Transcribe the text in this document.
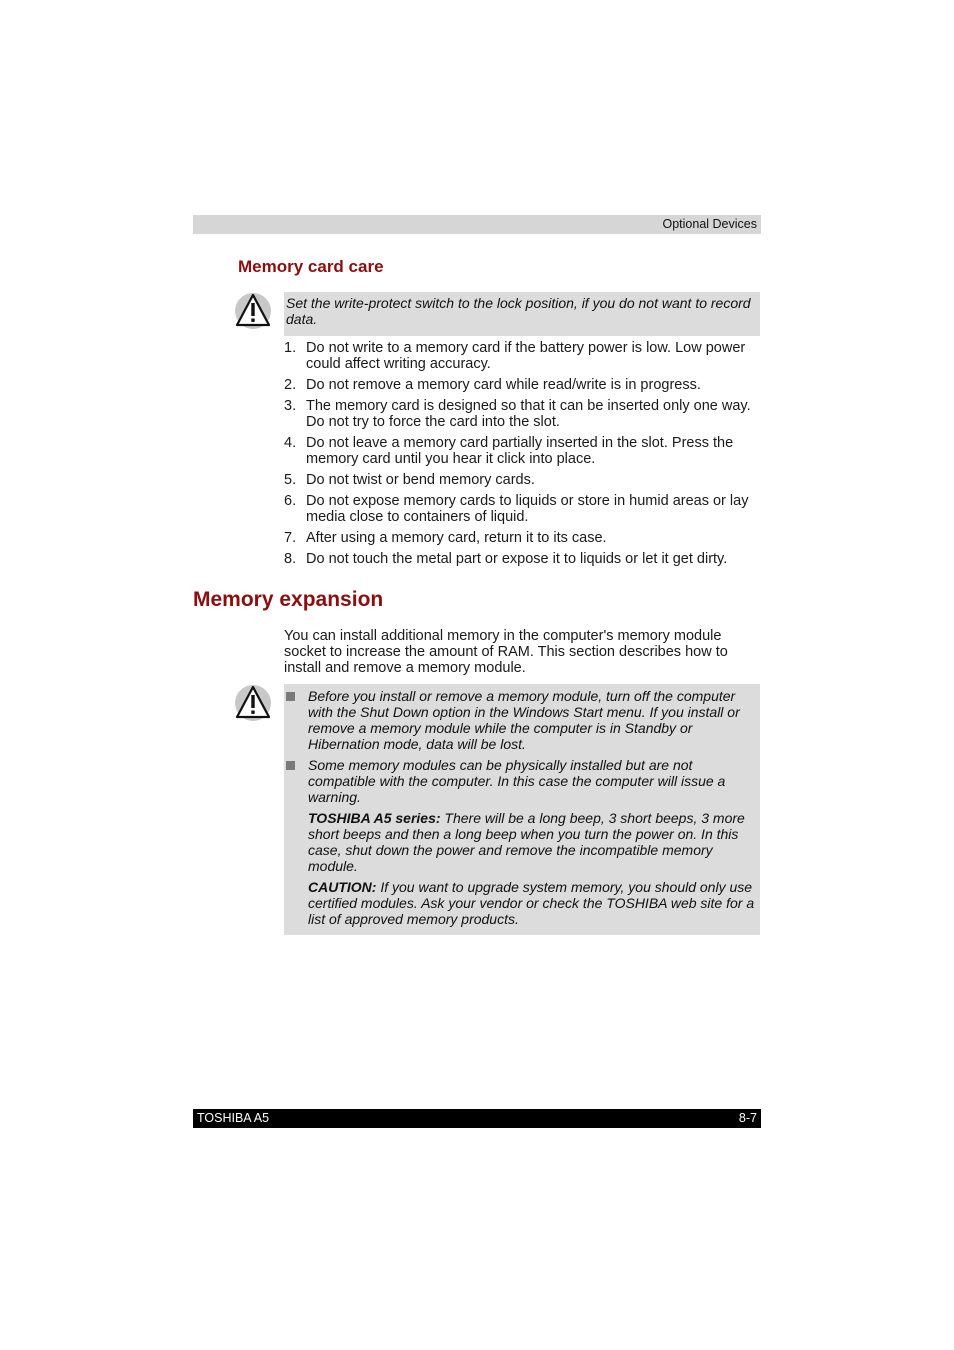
Optional Devices
Memory card care

Set the write-protect switch to the lock position, if you do not want to record data.

1. Do not write to a memory card if the battery power is low. Low power could affect writing accuracy.
2. Do not remove a memory card while read/write is in progress.
3. The memory card is designed so that it can be inserted only one way. Do not try to force the card into the slot.
4. Do not leave a memory card partially inserted in the slot. Press the memory card until you hear it click into place.
5. Do not twist or bend memory cards.
6. Do not expose memory cards to liquids or store in humid areas or lay media close to containers of liquid.
7. After using a memory card, return it to its case.
8. Do not touch the metal part or expose it to liquids or let it get dirty.
Memory expansion

You can install additional memory in the computer's memory module socket to increase the amount of RAM. This section describes how to install and remove a memory module.

Before you install or remove a memory module, turn off the computer with the Shut Down option in the Windows Start menu. If you install or remove a memory module while the computer is in Standby or Hibernation mode, data will be lost.

Some memory modules can be physically installed but are not compatible with the computer. In this case the computer will issue a warning.

TOSHIBA A5 series: There will be a long beep, 3 short beeps, 3 more short beeps and then a long beep when you turn the power on. In this case, shut down the power and remove the incompatible memory module.

CAUTION: If you want to upgrade system memory, you should only use certified modules. Ask your vendor or check the TOSHIBA web site for a list of approved memory products.

TOSHIBA A5	8-7
